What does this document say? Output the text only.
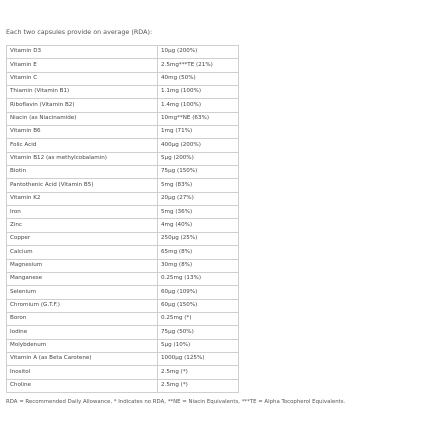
Each two capsules provide on average (RDA):
Vitamin D3	10µg (200%)
Vitamin E	2.5mg***TE (21%)
Vitamin C	40mg (50%)
Thiamin (Vitamin B1)	1.1mg (100%)
Riboflavin (Vitamin B2)	1.4mg (100%)
Niacin (as Niacinamide)	10mg**NE (63%)
Vitamin B6	1mg (71%)
Folic Acid	400µg (200%)
Vitamin B12 (as methylcobalamin)	5µg (200%)
Biotin	75µg (150%)
Pantothenic Acid (Vitamin B5)	5mg (83%)
Vitamin K2	20µg (27%)
Iron	5mg (36%)
Zinc	4mg (40%)
Copper	250µg (25%)
Calcium	65mg (8%)
Magnesium	30mg (8%)
Manganese	0.25mg (13%)
Selenium	60µg (109%)
Chromium (G.T.F.)	60µg (150%)
Boron	0.25mg (*)
Iodine	75µg (50%)
Molybdenum	5µg (10%)
Vitamin A (as Beta Carotene)	1000µg (125%)
Inositol	2.5mg (*)
Choline	2.5mg (*)
RDA = Recommended Daily Allowance, * Indicates no RDA, **NE = Niacin Equivalents, ***TE = Alpha Tocopherol Equivalents.
